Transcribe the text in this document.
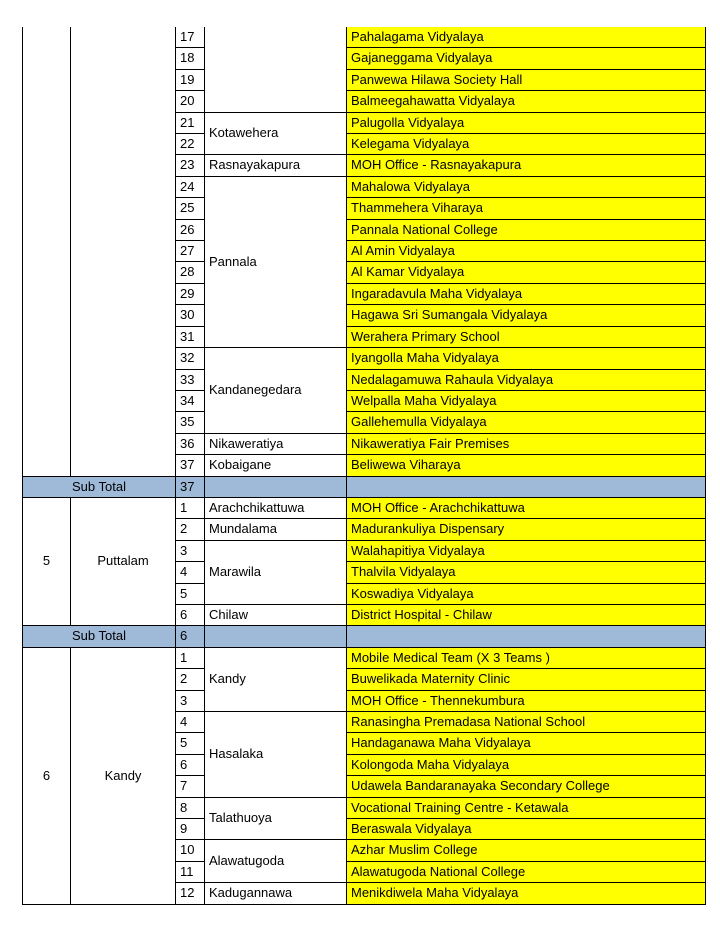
		17		Pahalagama Vidyalaya
		18		Gajaneggama Vidyalaya
		19		Panwewa Hilawa Society Hall
		20		Balmeegahawatta Vidyalaya
		21	Kotawehera	Palugolla Vidyalaya
		22		Kelegama Vidyalaya
		23	Rasnayakapura	MOH Office - Rasnayakapura
		24	Pannala	Mahalowa Vidyalaya
		25		Thammehera Viharaya
		26		Pannala National College
		27		Al Amin Vidyalaya
		28		Al Kamar Vidyalaya
		29		Ingaradavula Maha Vidyalaya
		30		Hagawa Sri Sumangala Vidyalaya
		31		Werahera Primary School
		32	Kandanegedara	Iyangolla Maha Vidyalaya
		33		Nedalagamuwa Rahaula Vidyalaya
		34		Welpalla Maha Vidyalaya
		35		Gallehemulla Vidyalaya
		36	Nikaweratiya	Nikaweratiya Fair Premises
		37	Kobaigane	Beliwewa Viharaya
Sub Total		37		
5	Puttalam	1	Arachchikattuwa	MOH Office - Arachchikattuwa
		2	Mundalama	Madurankuliya Dispensary
		3	Marawila	Walahapitiya Vidyalaya
		4		Thalvila Vidyalaya
		5		Koswadiya Vidyalaya
		6	Chilaw	District Hospital - Chilaw
Sub Total		6		
6	Kandy	1	Kandy	Mobile Medical Team (X 3 Teams )
		2		Buwelikada Maternity Clinic
		3		MOH Office - Thennekumbura
		4	Hasalaka	Ranasingha Premadasa National School
		5		Handaganawa Maha Vidyalaya
		6		Kolongoda Maha Vidyalaya
		7		Udawela Bandaranayaka Secondary College
		8	Talathuoya	Vocational Training Centre - Ketawala
		9		Beraswala Vidyalaya
		10	Alawatugoda	Azhar Muslim College
		11		Alawatugoda National College
		12	Kadugannawa	Menikdiwela Maha Vidyalaya
